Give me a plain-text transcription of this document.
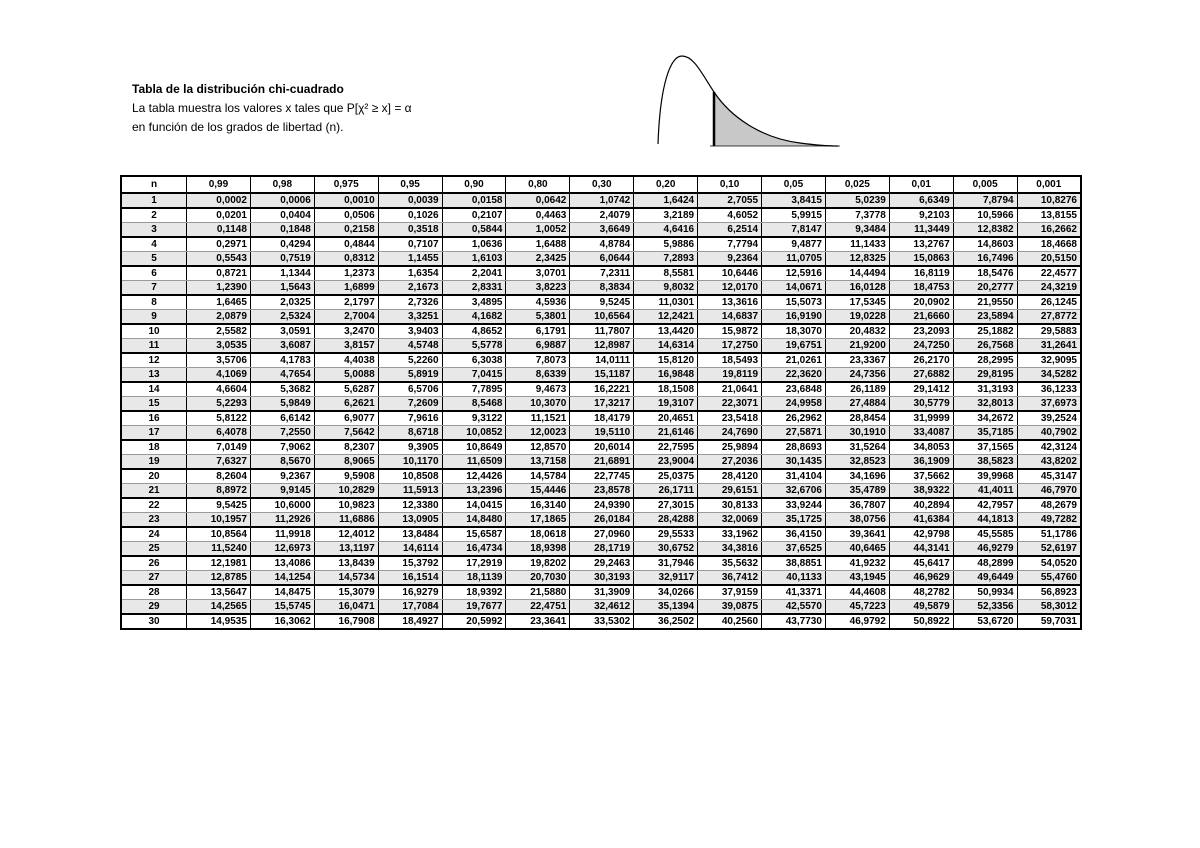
Tabla de la distribución chi-cuadrado
La tabla muestra los valores x tales que P[χ² ≥ x] = α
en función de los grados de libertad (n).
n	0,99	0,98	0,975	0,95	0,90	0,80	0,30	0,20	0,10	0,05	0,025	0,01	0,005	0,001
1	0,0002	0,0006	0,0010	0,0039	0,0158	0,0642	1,0742	1,6424	2,7055	3,8415	5,0239	6,6349	7,8794	10,8276
2	0,0201	0,0404	0,0506	0,1026	0,2107	0,4463	2,4079	3,2189	4,6052	5,9915	7,3778	9,2103	10,5966	13,8155
3	0,1148	0,1848	0,2158	0,3518	0,5844	1,0052	3,6649	4,6416	6,2514	7,8147	9,3484	11,3449	12,8382	16,2662
4	0,2971	0,4294	0,4844	0,7107	1,0636	1,6488	4,8784	5,9886	7,7794	9,4877	11,1433	13,2767	14,8603	18,4668
5	0,5543	0,7519	0,8312	1,1455	1,6103	2,3425	6,0644	7,2893	9,2364	11,0705	12,8325	15,0863	16,7496	20,5150
6	0,8721	1,1344	1,2373	1,6354	2,2041	3,0701	7,2311	8,5581	10,6446	12,5916	14,4494	16,8119	18,5476	22,4577
7	1,2390	1,5643	1,6899	2,1673	2,8331	3,8223	8,3834	9,8032	12,0170	14,0671	16,0128	18,4753	20,2777	24,3219
8	1,6465	2,0325	2,1797	2,7326	3,4895	4,5936	9,5245	11,0301	13,3616	15,5073	17,5345	20,0902	21,9550	26,1245
9	2,0879	2,5324	2,7004	3,3251	4,1682	5,3801	10,6564	12,2421	14,6837	16,9190	19,0228	21,6660	23,5894	27,8772
10	2,5582	3,0591	3,2470	3,9403	4,8652	6,1791	11,7807	13,4420	15,9872	18,3070	20,4832	23,2093	25,1882	29,5883
11	3,0535	3,6087	3,8157	4,5748	5,5778	6,9887	12,8987	14,6314	17,2750	19,6751	21,9200	24,7250	26,7568	31,2641
12	3,5706	4,1783	4,4038	5,2260	6,3038	7,8073	14,0111	15,8120	18,5493	21,0261	23,3367	26,2170	28,2995	32,9095
13	4,1069	4,7654	5,0088	5,8919	7,0415	8,6339	15,1187	16,9848	19,8119	22,3620	24,7356	27,6882	29,8195	34,5282
14	4,6604	5,3682	5,6287	6,5706	7,7895	9,4673	16,2221	18,1508	21,0641	23,6848	26,1189	29,1412	31,3193	36,1233
15	5,2293	5,9849	6,2621	7,2609	8,5468	10,3070	17,3217	19,3107	22,3071	24,9958	27,4884	30,5779	32,8013	37,6973
16	5,8122	6,6142	6,9077	7,9616	9,3122	11,1521	18,4179	20,4651	23,5418	26,2962	28,8454	31,9999	34,2672	39,2524
17	6,4078	7,2550	7,5642	8,6718	10,0852	12,0023	19,5110	21,6146	24,7690	27,5871	30,1910	33,4087	35,7185	40,7902
18	7,0149	7,9062	8,2307	9,3905	10,8649	12,8570	20,6014	22,7595	25,9894	28,8693	31,5264	34,8053	37,1565	42,3124
19	7,6327	8,5670	8,9065	10,1170	11,6509	13,7158	21,6891	23,9004	27,2036	30,1435	32,8523	36,1909	38,5823	43,8202
20	8,2604	9,2367	9,5908	10,8508	12,4426	14,5784	22,7745	25,0375	28,4120	31,4104	34,1696	37,5662	39,9968	45,3147
21	8,8972	9,9145	10,2829	11,5913	13,2396	15,4446	23,8578	26,1711	29,6151	32,6706	35,4789	38,9322	41,4011	46,7970
22	9,5425	10,6000	10,9823	12,3380	14,0415	16,3140	24,9390	27,3015	30,8133	33,9244	36,7807	40,2894	42,7957	48,2679
23	10,1957	11,2926	11,6886	13,0905	14,8480	17,1865	26,0184	28,4288	32,0069	35,1725	38,0756	41,6384	44,1813	49,7282
24	10,8564	11,9918	12,4012	13,8484	15,6587	18,0618	27,0960	29,5533	33,1962	36,4150	39,3641	42,9798	45,5585	51,1786
25	11,5240	12,6973	13,1197	14,6114	16,4734	18,9398	28,1719	30,6752	34,3816	37,6525	40,6465	44,3141	46,9279	52,6197
26	12,1981	13,4086	13,8439	15,3792	17,2919	19,8202	29,2463	31,7946	35,5632	38,8851	41,9232	45,6417	48,2899	54,0520
27	12,8785	14,1254	14,5734	16,1514	18,1139	20,7030	30,3193	32,9117	36,7412	40,1133	43,1945	46,9629	49,6449	55,4760
28	13,5647	14,8475	15,3079	16,9279	18,9392	21,5880	31,3909	34,0266	37,9159	41,3371	44,4608	48,2782	50,9934	56,8923
29	14,2565	15,5745	16,0471	17,7084	19,7677	22,4751	32,4612	35,1394	39,0875	42,5570	45,7223	49,5879	52,3356	58,3012
30	14,9535	16,3062	16,7908	18,4927	20,5992	23,3641	33,5302	36,2502	40,2560	43,7730	46,9792	50,8922	53,6720	59,7031
